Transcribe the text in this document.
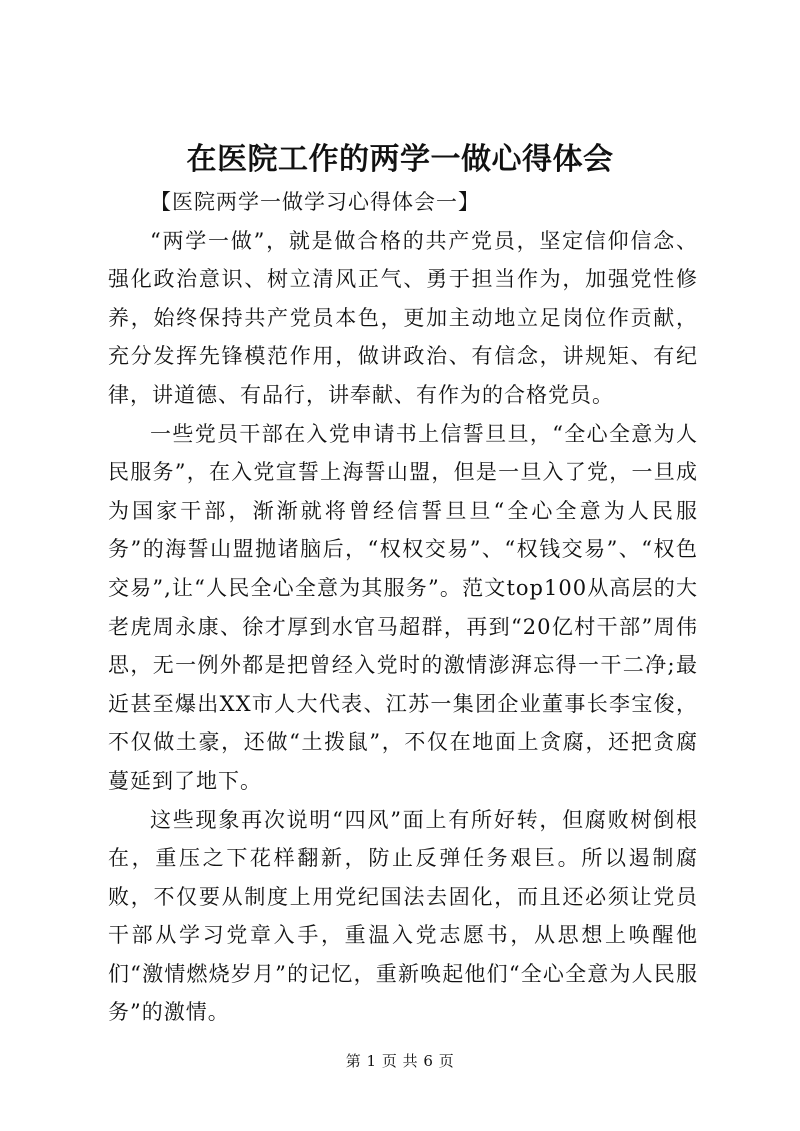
在医院工作的两学一做心得体会

【医院两学一做学习心得体会一】

“两学一做”，就是做合格的共产党员，坚定信仰信念、强化政治意识、树立清风正气、勇于担当作为，加强党性修养，始终保持共产党员本色，更加主动地立足岗位作贡献，充分发挥先锋模范作用，做讲政治、有信念，讲规矩、有纪律，讲道德、有品行，讲奉献、有作为的合格党员。

一些党员干部在入党申请书上信誓旦旦，“全心全意为人民服务”，在入党宣誓上海誓山盟，但是一旦入了党，一旦成为国家干部，渐渐就将曾经信誓旦旦“全心全意为人民服务”的海誓山盟抛诸脑后，“权权交易”、“权钱交易”、“权色交易”,让“人民全心全意为其服务”。范文top100从高层的大老虎周永康、徐才厚到水官马超群，再到“20亿村干部”周伟思，无一例外都是把曾经入党时的激情澎湃忘得一干二净;最近甚至爆出XX市人大代表、江苏一集团企业董事长李宝俊，不仅做土豪，还做“土拨鼠”，不仅在地面上贪腐，还把贪腐蔓延到了地下。

这些现象再次说明“四风”面上有所好转，但腐败树倒根在，重压之下花样翻新，防止反弹任务艰巨。所以遏制腐败，不仅要从制度上用党纪国法去固化，而且还必须让党员干部从学习党章入手，重温入党志愿书，从思想上唤醒他们“激情燃烧岁月”的记忆，重新唤起他们“全心全意为人民服务”的激情。

第 1 页 共 6 页
